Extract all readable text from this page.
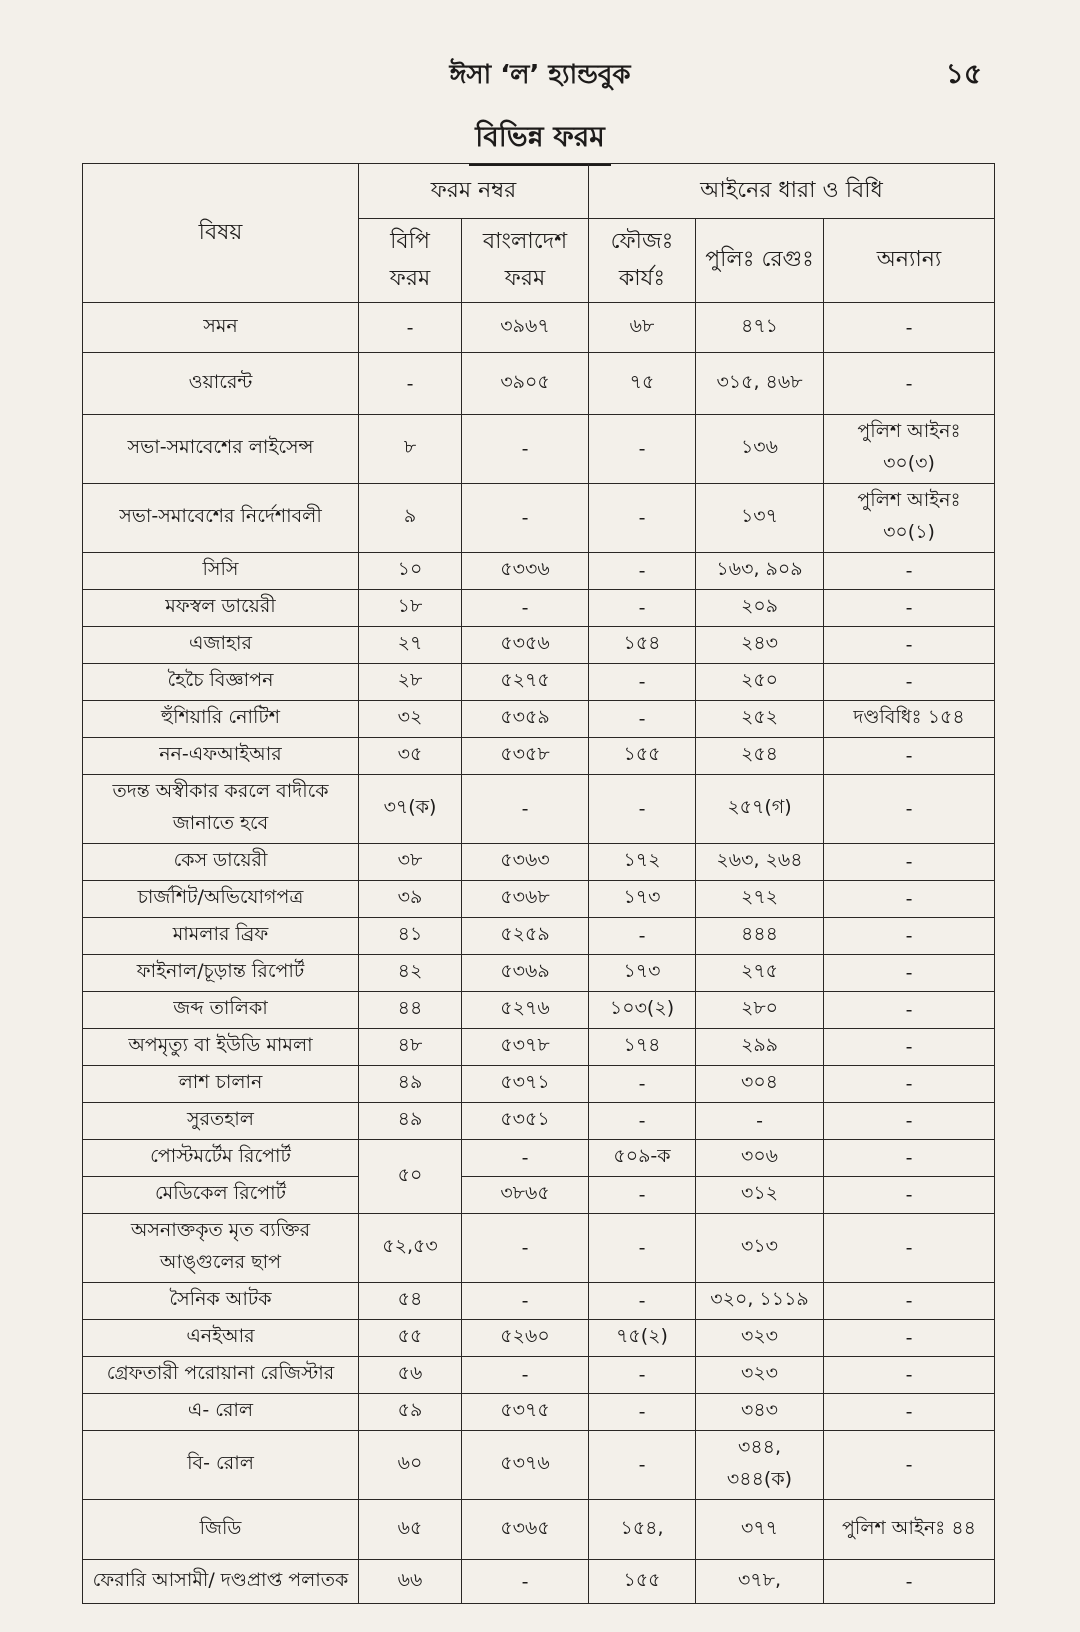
ঈসা ‘ল’ হ্যান্ডবুক	১৫
বিভিন্ন ফরম
বিষয়	ফরম নম্বর		আইনের ধারা ও বিধি		
	বিপি ফরম	বাংলাদেশ ফরম	ফৌজঃ কার্যঃ	পুলিঃ রেগুঃ	অন্যান্য
সমন	-	৩৯৬৭	৬৮	৪৭১	-
ওয়ারেন্ট	-	৩৯০৫	৭৫	৩১৫, ৪৬৮	-
সভা-সমাবেশের লাইসেন্স	৮	-	-	১৩৬	পুলিশ আইনঃ ৩০(৩)
সভা-সমাবেশের নির্দেশাবলী	৯	-	-	১৩৭	পুলিশ আইনঃ ৩০(১)
সিসি	১০	৫৩৩৬	-	১৬৩, ৯০৯	-
মফস্বল ডায়েরী	১৮	-	-	২০৯	-
এজাহার	২৭	৫৩৫৬	১৫৪	২৪৩	-
হৈচৈ বিজ্ঞাপন	২৮	৫২৭৫	-	২৫০	-
হুঁশিয়ারি নোটিশ	৩২	৫৩৫৯	-	২৫২	দণ্ডবিধিঃ ১৫৪
নন-এফআইআর	৩৫	৫৩৫৮	১৫৫	২৫৪	-
তদন্ত অস্বীকার করলে বাদীকে জানাতে হবে	৩৭(ক)	-	-	২৫৭(গ)	-
কেস ডায়েরী	৩৮	৫৩৬৩	১৭২	২৬৩, ২৬৪	-
চার্জশিট/অভিযোগপত্র	৩৯	৫৩৬৮	১৭৩	২৭২	-
মামলার ব্রিফ	৪১	৫২৫৯	-	৪৪৪	-
ফাইনাল/চূড়ান্ত রিপোর্ট	৪২	৫৩৬৯	১৭৩	২৭৫	-
জব্দ তালিকা	৪৪	৫২৭৬	১০৩(২)	২৮০	-
অপমৃত্যু বা ইউডি মামলা	৪৮	৫৩৭৮	১৭৪	২৯৯	-
লাশ চালান	৪৯	৫৩৭১	-	৩০৪	-
সুরতহাল	৪৯	৫৩৫১	-	-	-
পোস্টমর্টেম রিপোর্ট	৫০	-	৫০৯-ক	৩০৬	-
মেডিকেল রিপোর্ট		৩৮৬৫	-	৩১২	-
অসনাক্তকৃত মৃত ব্যক্তির আঙ্গুলের ছাপ	৫২,৫৩	-	-	৩১৩	-
সৈনিক আটক	৫৪	-	-	৩২০, ১১১৯	-
এনইআর	৫৫	৫২৬০	৭৫(২)	৩২৩	-
গ্রেফতারী পরোয়ানা রেজিস্টার	৫৬	-	-	৩২৩	-
এ- রোল	৫৯	৫৩৭৫	-	৩৪৩	-
বি- রোল	৬০	৫৩৭৬	-	৩৪৪, ৩৪৪(ক)	-
জিডি	৬৫	৫৩৬৫	১৫৪,	৩৭৭	পুলিশ আইনঃ ৪৪
ফেরারি আসামী/ দণ্ডপ্রাপ্ত পলাতক	৬৬	-	১৫৫	৩৭৮,	-
